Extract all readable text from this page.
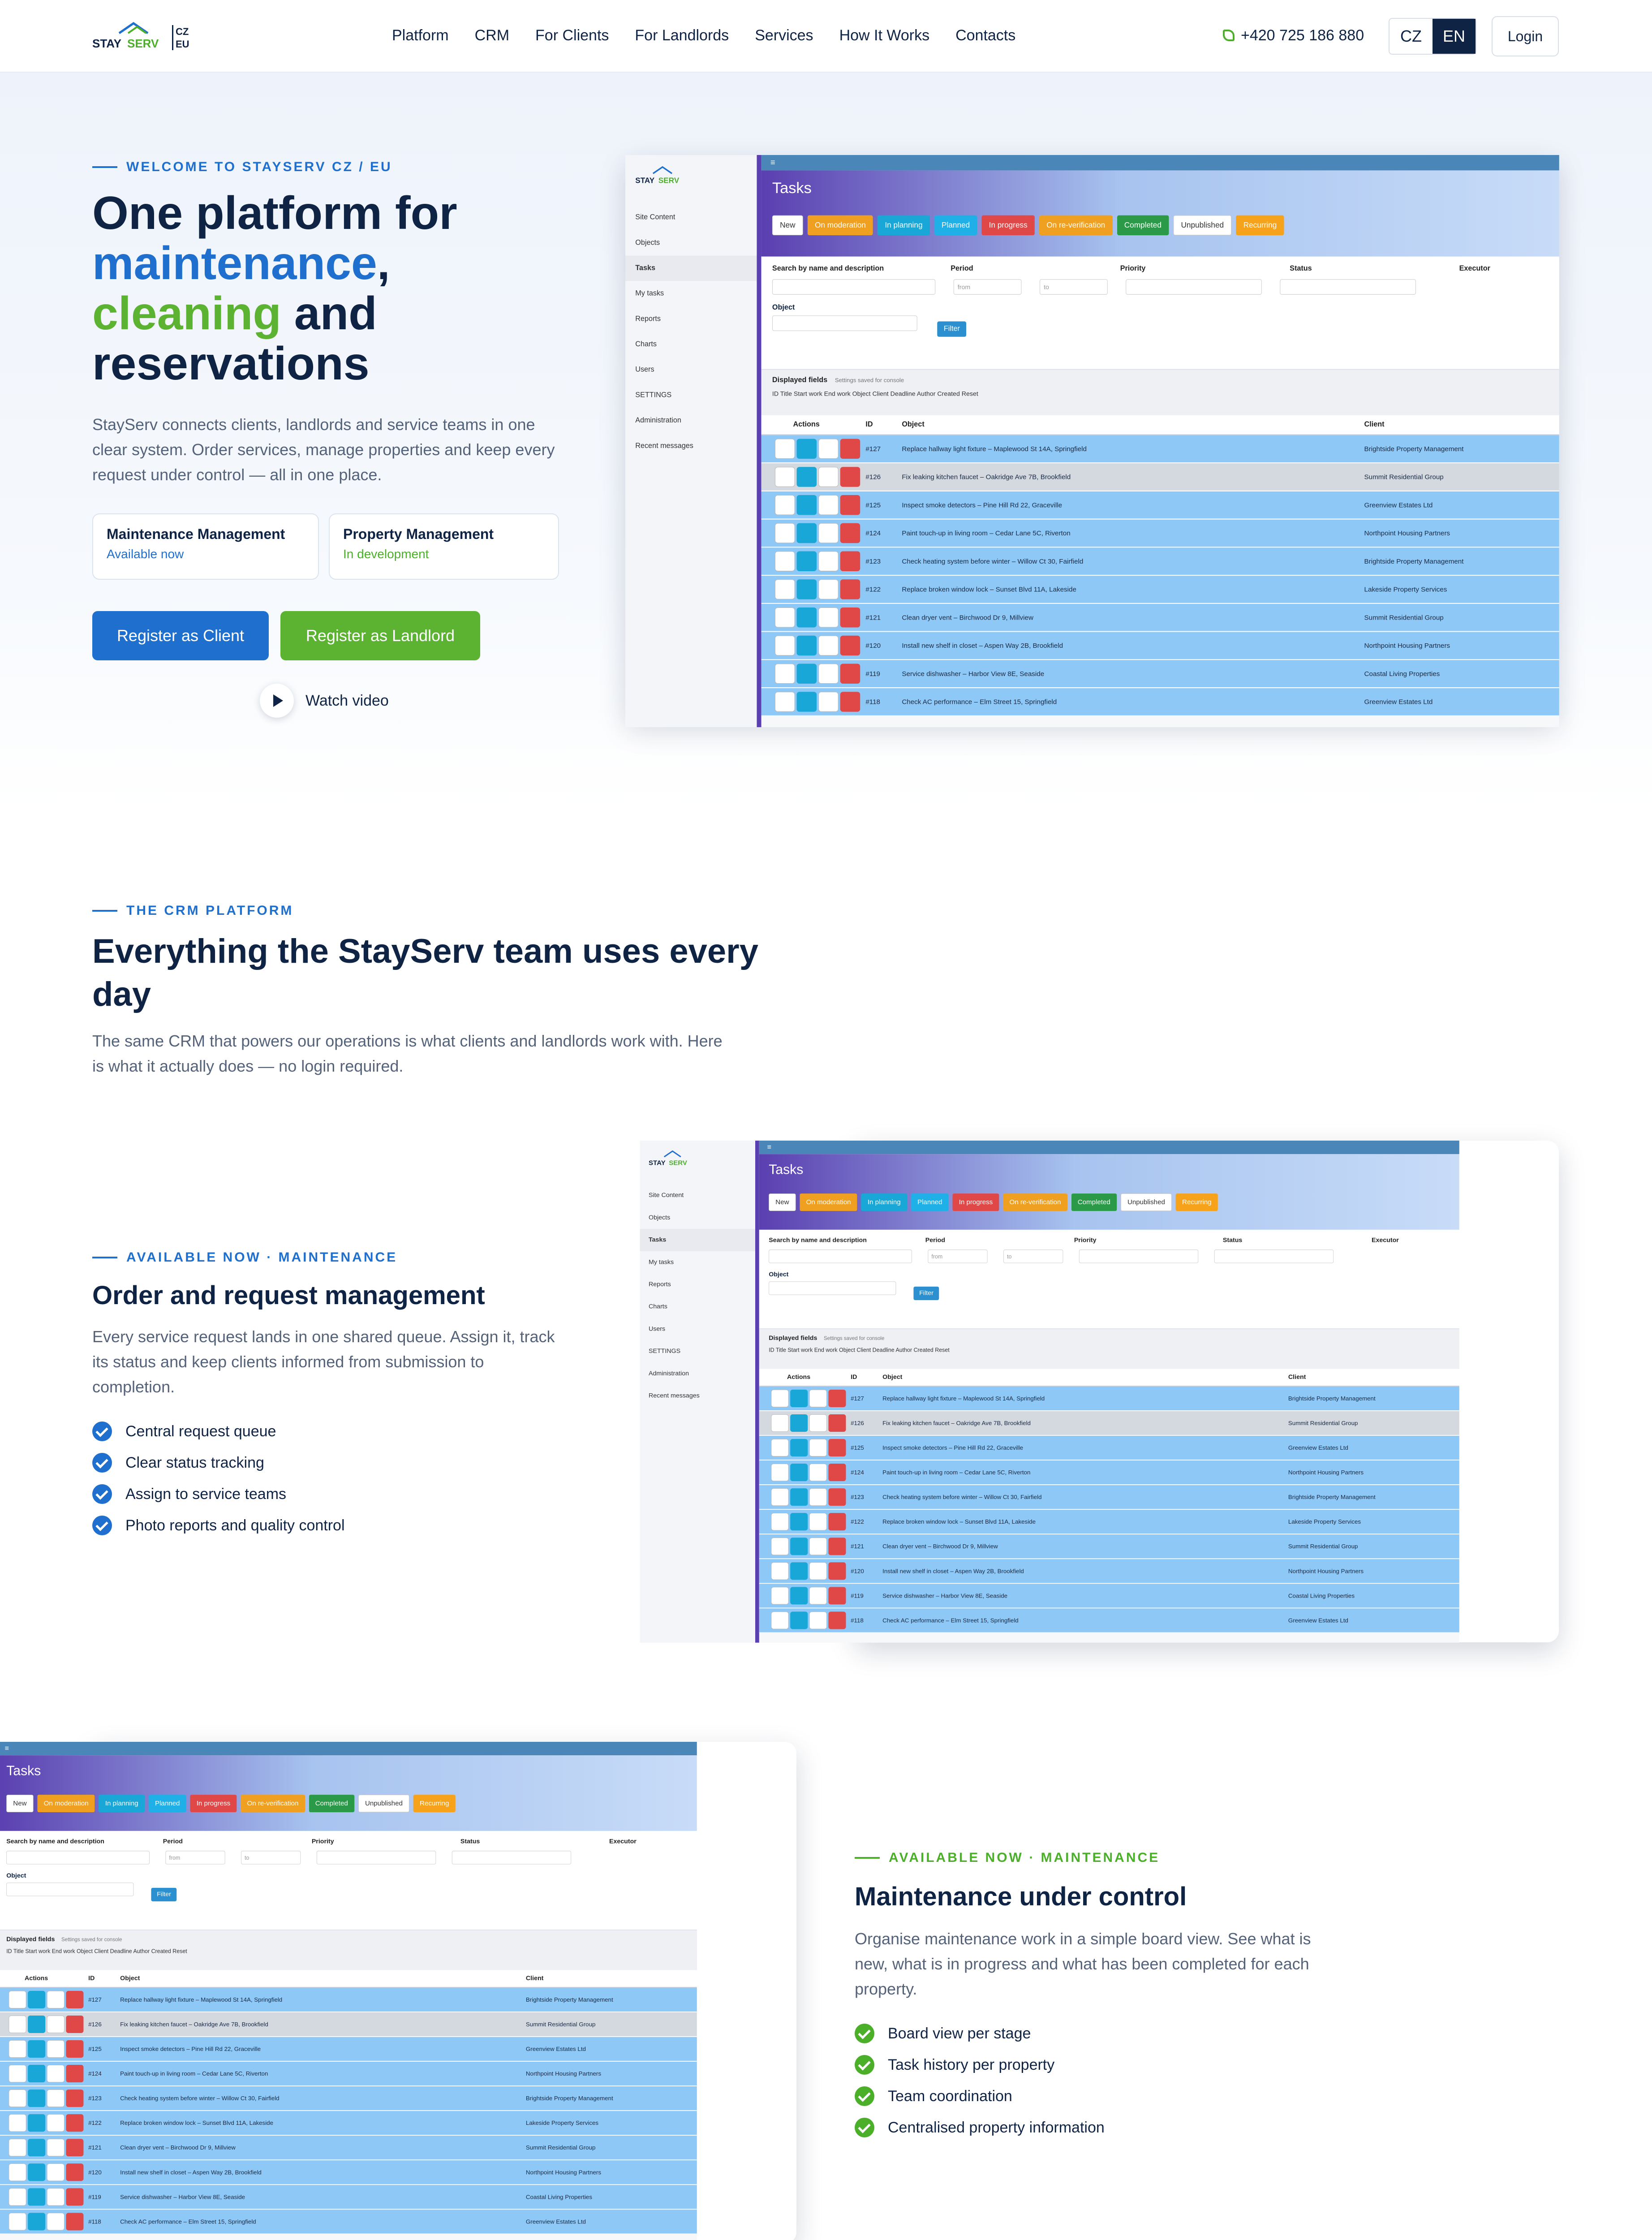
STAY SERV
CZ
EU
Platform CRM For Clients For Landlords Services How It Works Contacts	+420 725 186 880	CZ	EN	Login
WELCOME TO STAYSERV CZ / EU
One platform for
maintenance,
cleaning and
reservations
StayServ connects clients, landlords and service teams in one clear system. Order services, manage properties and keep every request under control — all in one place.
Maintenance Management
Available now
Property Management
In development
Register as Client	Register as Landlord
Watch video
THE CRM PLATFORM
Everything the StayServ team uses every day
The same CRM that powers our operations is what clients and landlords work with. Here is what it actually does — no login required.
AVAILABLE NOW · MAINTENANCE
Order and request management
Every service request lands in one shared queue. Assign it, track its status and keep clients informed from submission to completion.
Central request queue
Clear status tracking
Assign to service teams
Photo reports and quality control
AVAILABLE NOW · MAINTENANCE
Maintenance under control
Organise maintenance work in a simple board view. See what is new, what is in progress and what has been completed for each property.
Board view per stage
Task history per property
Team coordination
Centralised property information
STAY SERV
Site Content
Objects
Tasks
My tasks
Reports
Charts
Users
SETTINGS
Administration
Recent messages
≡
Tasks
New	On moderation	In planning	Planned	In progress	On re-verification	Completed	Unpublished	Recurring
Search by name and description	Period	Priority	Status	Executor
from	to
Object
Filter
Displayed fields Settings saved for console
ID Title Start work End work Object Client Deadline Author Created Reset
Actions	ID	Object	Client
#127	Replace hallway light fixture – Maplewood St 14A, Springfield	Brightside Property Management
#126	Fix leaking kitchen faucet – Oakridge Ave 7B, Brookfield	Summit Residential Group
#125	Inspect smoke detectors – Pine Hill Rd 22, Graceville	Greenview Estates Ltd
#124	Paint touch-up in living room – Cedar Lane 5C, Riverton	Northpoint Housing Partners
#123	Check heating system before winter – Willow Ct 30, Fairfield	Brightside Property Management
#122	Replace broken window lock – Sunset Blvd 11A, Lakeside	Lakeside Property Services
#121	Clean dryer vent – Birchwood Dr 9, Millview	Summit Residential Group
#120	Install new shelf in closet – Aspen Way 2B, Brookfield	Northpoint Housing Partners
#119	Service dishwasher – Harbor View 8E, Seaside	Coastal Living Properties
#118	Check AC performance – Elm Street 15, Springfield	Greenview Estates Ltd
STAY SERV
Site Content
Objects
Tasks
My tasks
Reports
Charts
Users
SETTINGS
Administration
Recent messages
≡
Tasks
New	On moderation	In planning	Planned	In progress	On re-verification	Completed	Unpublished	Recurring
Search by name and description	Period	Priority	Status	Executor
from	to
Object
Filter
Displayed fields Settings saved for console
ID Title Start work End work Object Client Deadline Author Created Reset
Actions	ID	Object	Client
#127	Replace hallway light fixture – Maplewood St 14A, Springfield	Brightside Property Management
#126	Fix leaking kitchen faucet – Oakridge Ave 7B, Brookfield	Summit Residential Group
#125	Inspect smoke detectors – Pine Hill Rd 22, Graceville	Greenview Estates Ltd
#124	Paint touch-up in living room – Cedar Lane 5C, Riverton	Northpoint Housing Partners
#123	Check heating system before winter – Willow Ct 30, Fairfield	Brightside Property Management
#122	Replace broken window lock – Sunset Blvd 11A, Lakeside	Lakeside Property Services
#121	Clean dryer vent – Birchwood Dr 9, Millview	Summit Residential Group
#120	Install new shelf in closet – Aspen Way 2B, Brookfield	Northpoint Housing Partners
#119	Service dishwasher – Harbor View 8E, Seaside	Coastal Living Properties
#118	Check AC performance – Elm Street 15, Springfield	Greenview Estates Ltd
≡
Tasks
New	On moderation	In planning	Planned	In progress	On re-verification	Completed	Unpublished	Recurring
Search by name and description	Period	Priority	Status	Executor
from	to
Object
Filter
Displayed fields Settings saved for console
ID Title Start work End work Object Client Deadline Author Created Reset
Actions	ID	Object	Client
#127	Replace hallway light fixture – Maplewood St 14A, Springfield	Brightside Property Management
#126	Fix leaking kitchen faucet – Oakridge Ave 7B, Brookfield	Summit Residential Group
#125	Inspect smoke detectors – Pine Hill Rd 22, Graceville	Greenview Estates Ltd
#124	Paint touch-up in living room – Cedar Lane 5C, Riverton	Northpoint Housing Partners
#123	Check heating system before winter – Willow Ct 30, Fairfield	Brightside Property Management
#122	Replace broken window lock – Sunset Blvd 11A, Lakeside	Lakeside Property Services
#121	Clean dryer vent – Birchwood Dr 9, Millview	Summit Residential Group
#120	Install new shelf in closet – Aspen Way 2B, Brookfield	Northpoint Housing Partners
#119	Service dishwasher – Harbor View 8E, Seaside	Coastal Living Properties
#118	Check AC performance – Elm Street 15, Springfield	Greenview Estates Ltd
